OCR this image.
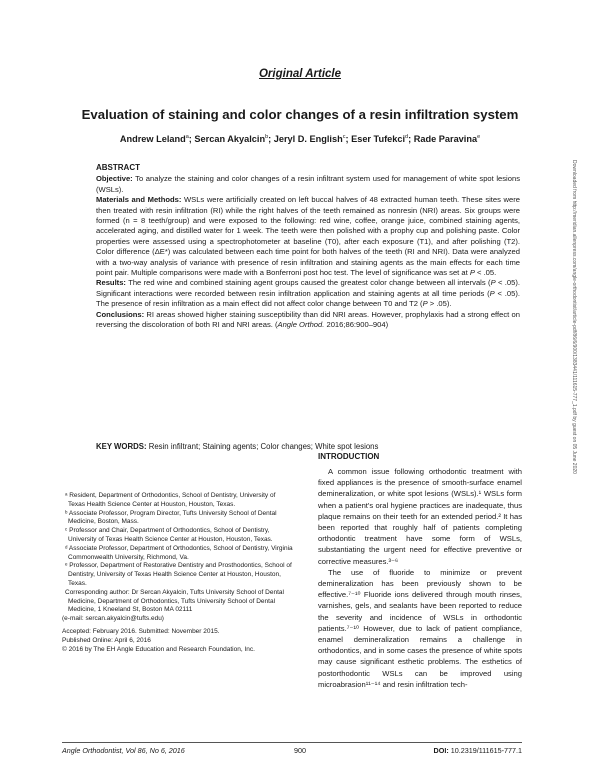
Original Article
Evaluation of staining and color changes of a resin infiltration system
Andrew Leland$^a$; Sercan Akyalcin$^b$; Jeryl D. English$^c$; Eser Tufekci$^d$; Rade Paravina$^e$

ABSTRACT

Objective: To analyze the staining and color changes of a resin infiltrant system used for management of white spot lesions (WSLs).

Materials and Methods: WSLs were artificially created on left buccal halves of 48 extracted human teeth. These sites were then treated with resin infiltration (RI) while the right halves of the teeth remained as nonresin (NRI) areas. Six groups were formed (n = 8 teeth/group) and were exposed to the following: red wine, coffee, orange juice, combined staining agents, accelerated aging, and distilled water for 1 week. The teeth were then polished with a prophy cup and polishing paste. Color properties were assessed using a spectrophotometer at baseline (T0), after each exposure (T1), and after polishing (T2). Color difference (ΔE*) was calculated between each time point for both halves of the teeth (RI and NRI). Data were analyzed with a two-way analysis of variance with presence of resin infiltration and staining agents as the main effects for each time point pair. Multiple comparisons were made with a Bonferroni post hoc test. The level of significance was set at P < .05.

Results: The red wine and combined staining agent groups caused the greatest color change between all intervals (P < .05). Significant interactions were recorded between resin infiltration application and staining agents at all time periods (P < .05). The presence of resin infiltration as a main effect did not affect color change between T0 and T2 (P > .05).

Conclusions: RI areas showed higher staining susceptibility than did NRI areas. However, prophylaxis had a strong effect on reversing the discoloration of both RI and NRI areas. (Angle Orthod. 2016;86:900–904)

KEY WORDS: Resin infiltrant; Staining agents; Color changes; White spot lesions

ᵃ Resident, Department of Orthodontics, School of Dentistry, University of Texas Health Science Center at Houston, Houston, Texas.

ᵇ Associate Professor, Program Director, Tufts University School of Dental Medicine, Boston, Mass.

ᶜ Professor and Chair, Department of Orthodontics, School of Dentistry, University of Texas Health Science Center at Houston, Houston, Texas.

ᵈ Associate Professor, Department of Orthodontics, School of Dentistry, Virginia Commonwealth University, Richmond, Va.

ᵉ Professor, Department of Restorative Dentistry and Prosthodontics, School of Dentistry, University of Texas Health Science Center at Houston, Houston, Texas.

Corresponding author: Dr Sercan Akyalcin, Tufts University School of Dental Medicine, Department of Orthodontics, Tufts University School of Dental Medicine, 1 Kneeland St, Boston MA 02111

(e-mail: sercan.akyalcin@tufts.edu)

Accepted: February 2016. Submitted: November 2015.

Published Online: April 6, 2016

© 2016 by The EH Angle Education and Research Foundation, Inc.

INTRODUCTION

A common issue following orthodontic treatment with fixed appliances is the presence of smooth-surface enamel demineralization, or white spot lesions (WSLs).¹ WSLs form when a patient's oral hygiene practices are inadequate, thus plaque remains on their teeth for an extended period.² It has been reported that roughly half of patients completing orthodontic treatment have some form of WSLs, substantiating the urgent need for effective preventive or corrective measures.³⁻⁶

The use of fluoride to minimize or prevent demineralization has been previously shown to be effective.⁷⁻¹⁰ Fluoride ions delivered through mouth rinses, varnishes, gels, and sealants have been reported to reduce the severity and incidence of WSLs in orthodontic patients.⁷⁻¹⁰ However, due to lack of patient compliance, enamel demineralization remains a challenge in orthodontics, and in some cases the presence of white spots may cause significant esthetic problems. The esthetics of postorthodontic WSLs can be improved using microabrasion¹¹⁻¹⁴ and resin infiltration tech-

Angle Orthodontist, Vol 86, No 6, 2016	900	DOI: 10.2319/111615-777.1
Downloaded from http://meridian.allenpress.com/angle-orthodontist/article-pdf/86/6/900/1383441/111615-777_1.pdf by guest on 05 June 2020
